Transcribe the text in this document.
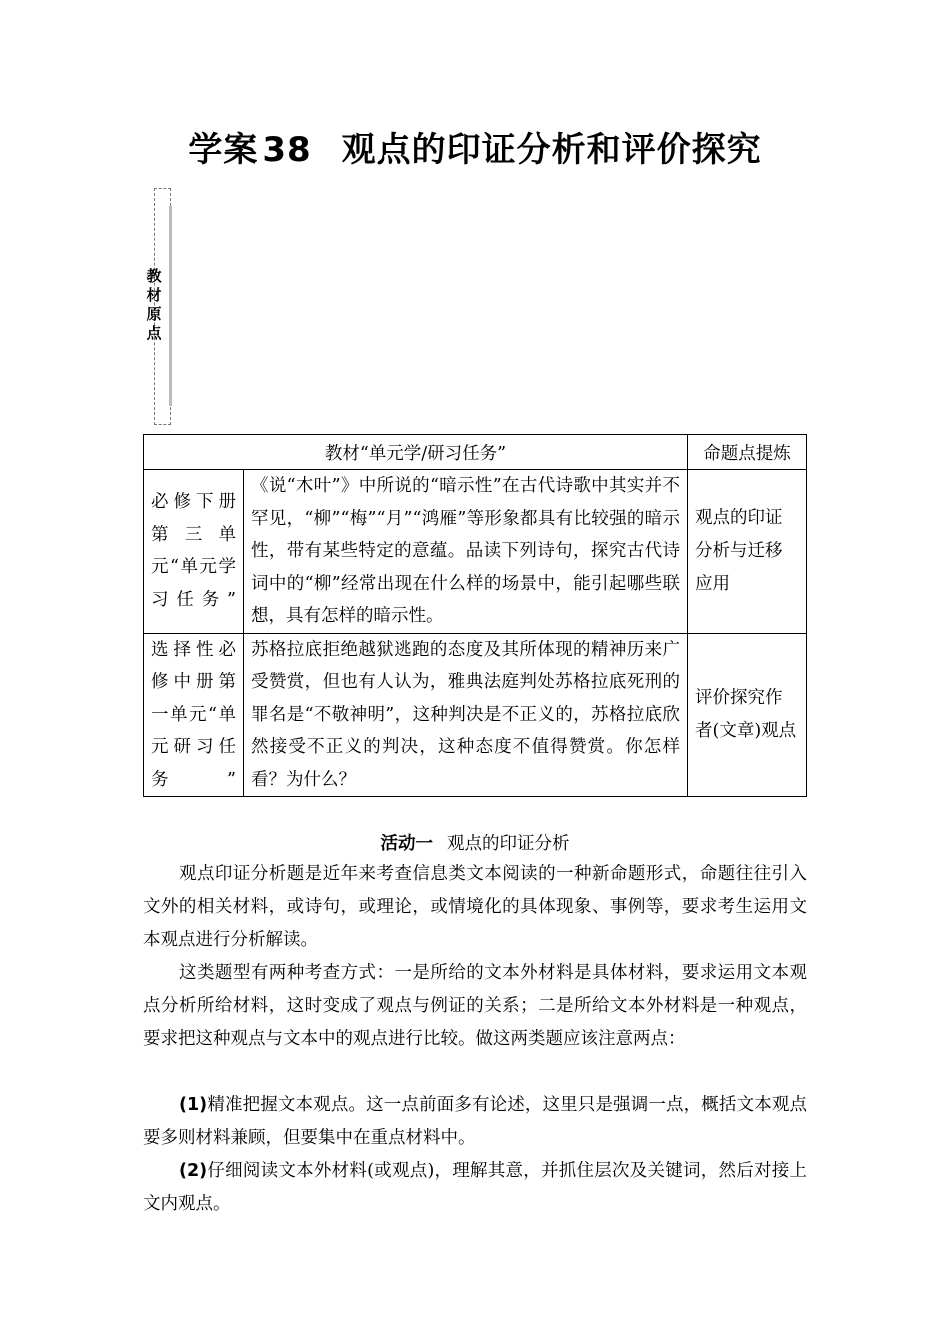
学案 38 观点的印证分析和评价探究
教
材
原
点
教材“单元学/研习任务”		命题点提炼
必修下册第三单元“单元学习任务”	《说“木叶”》中所说的“暗示性”在古代诗歌中其实并不罕见，“柳”“梅”“月”“鸿雁”等形象都具有比较强的暗示性，带有某些特定的意蕴。品读下列诗句，探究古代诗词中的“柳”经常出现在什么样的场景中，能引起哪些联想，具有怎样的暗示性。	观点的印证分析与迁移应用
选择性必修中册第一单元“单元研习任务”	苏格拉底拒绝越狱逃跑的态度及其所体现的精神历来广受赞赏，但也有人认为，雅典法庭判处苏格拉底死刑的罪名是“不敬神明”，这种判决是不正义的，苏格拉底欣然接受不正义的判决，这种态度不值得赞赏。你怎样看？为什么？	评价探究作者(文章)观点
活动一 观点的印证分析

观点印证分析题是近年来考查信息类文本阅读的一种新命题形式，命题往往引入文外的相关材料，或诗句，或理论，或情境化的具体现象、事例等，要求考生运用文本观点进行分析解读。

这类题型有两种考查方式：一是所给的文本外材料是具体材料，要求运用文本观点分析所给材料，这时变成了观点与例证的关系；二是所给文本外材料是一种观点，要求把这种观点与文本中的观点进行比较。做这两类题应该注意两点：

(1)精准把握文本观点。这一点前面多有论述，这里只是强调一点，概括文本观点要多则材料兼顾，但要集中在重点材料中。

(2)仔细阅读文本外材料(或观点)，理解其意，并抓住层次及关键词，然后对接上文内观点。
